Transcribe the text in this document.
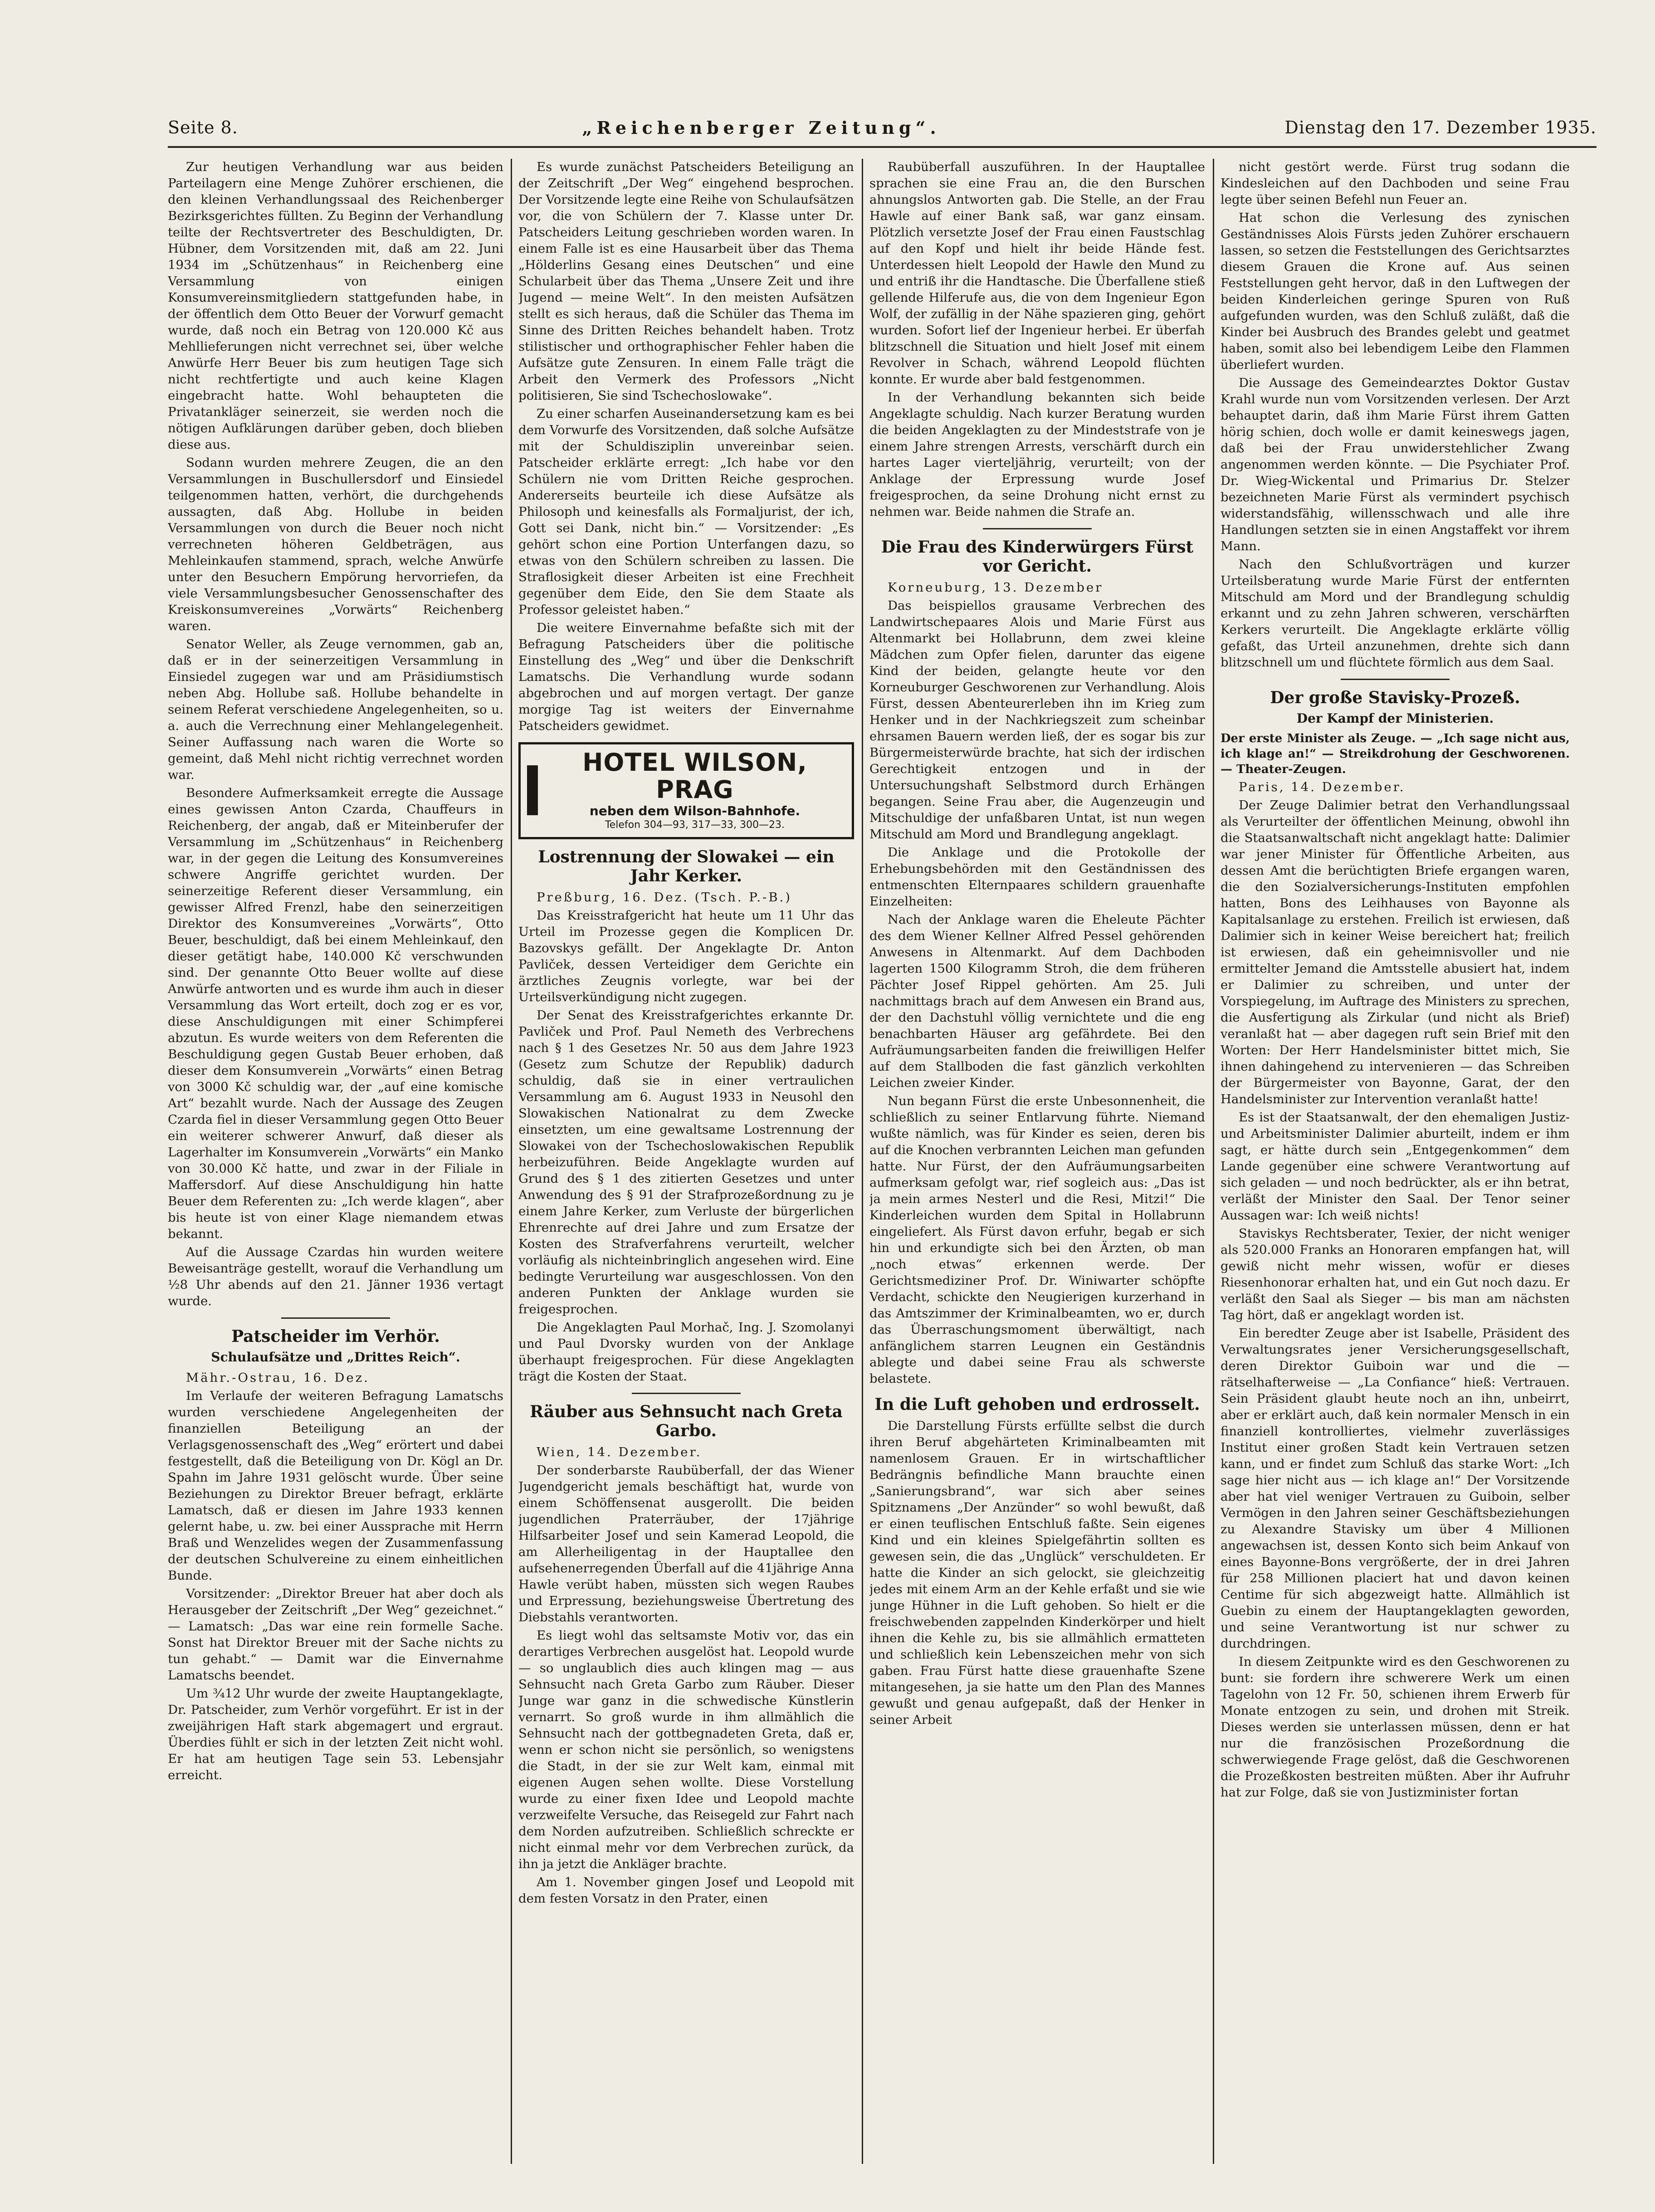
Seite 8.	„Reichenberger Zeitung“.	Dienstag den 17. Dezember 1935.

Zur heutigen Verhandlung war aus beiden Parteilagern eine Menge Zuhörer erschienen, die den kleinen Verhandlungssaal des Reichenberger Bezirksgerichtes füllten. Zu Beginn der Verhandlung teilte der Rechtsvertreter des Beschuldigten, Dr. Hübner, dem Vorsitzenden mit, daß am 22. Juni 1934 im „Schützenhaus“ in Reichenberg eine Versammlung von einigen Konsumvereinsmitgliedern stattgefunden habe, in der öffentlich dem Otto Beuer der Vorwurf gemacht wurde, daß noch ein Betrag von 120.000 Kč aus Mehllieferungen nicht verrechnet sei, über welche Anwürfe Herr Beuer bis zum heutigen Tage sich nicht rechtfertigte und auch keine Klagen eingebracht hatte. Wohl behaupteten die Privatankläger seinerzeit, sie werden noch die nötigen Aufklärungen darüber geben, doch blieben diese aus.

Sodann wurden mehrere Zeugen, die an den Versammlungen in Buschullersdorf und Einsiedel teilgenommen hatten, verhört, die durchgehends aussagten, daß Abg. Hollube in beiden Versammlungen von durch die Beuer noch nicht verrechneten höheren Geldbeträgen, aus Mehleinkaufen stammend, sprach, welche Anwürfe unter den Besuchern Empörung hervorriefen, da viele Versammlungsbesucher Genossenschafter des Kreiskonsumvereines „Vorwärts“ Reichenberg waren.

Senator Weller, als Zeuge vernommen, gab an, daß er in der seinerzeitigen Versammlung in Einsiedel zugegen war und am Präsidiumstisch neben Abg. Hollube saß. Hollube behandelte in seinem Referat verschiedene Angelegenheiten, so u. a. auch die Verrechnung einer Mehlangelegenheit. Seiner Auffassung nach waren die Worte so gemeint, daß Mehl nicht richtig verrechnet worden war.

Besondere Aufmerksamkeit erregte die Aussage eines gewissen Anton Czarda, Chauffeurs in Reichenberg, der angab, daß er Miteinberufer der Versammlung im „Schützenhaus“ in Reichenberg war, in der gegen die Leitung des Konsumvereines schwere Angriffe gerichtet wurden. Der seinerzeitige Referent dieser Versammlung, ein gewisser Alfred Frenzl, habe den seinerzeitigen Direktor des Konsumvereines „Vorwärts“, Otto Beuer, beschuldigt, daß bei einem Mehleinkauf, den dieser getätigt habe, 140.000 Kč verschwunden sind. Der genannte Otto Beuer wollte auf diese Anwürfe antworten und es wurde ihm auch in dieser Versammlung das Wort erteilt, doch zog er es vor, diese Anschuldigungen mit einer Schimpferei abzutun. Es wurde weiters von dem Referenten die Beschuldigung gegen Gustab Beuer erhoben, daß dieser dem Konsumverein „Vorwärts“ einen Betrag von 3000 Kč schuldig war, der „auf eine komische Art“ bezahlt wurde. Nach der Aussage des Zeugen Czarda fiel in dieser Versammlung gegen Otto Beuer ein weiterer schwerer Anwurf, daß dieser als Lagerhalter im Konsumverein „Vorwärts“ ein Manko von 30.000 Kč hatte, und zwar in der Filiale in Maffersdorf. Auf diese Anschuldigung hin hatte Beuer dem Referenten zu: „Ich werde klagen“, aber bis heute ist von einer Klage niemandem etwas bekannt.

Auf die Aussage Czardas hin wurden weitere Beweisanträge gestellt, worauf die Verhandlung um ½8 Uhr abends auf den 21. Jänner 1936 vertagt wurde.

Patscheider im Verhör.
Schulaufsätze und „Drittes Reich“.

Mähr.-Ostrau, 16. Dez.

Im Verlaufe der weiteren Befragung Lamatschs wurden verschiedene Angelegenheiten der finanziellen Beteiligung an der Verlagsgenossenschaft des „Weg“ erörtert und dabei festgestellt, daß die Beteiligung von Dr. Kögl an Dr. Spahn im Jahre 1931 gelöscht wurde. Über seine Beziehungen zu Direktor Breuer befragt, erklärte Lamatsch, daß er diesen im Jahre 1933 kennen gelernt habe, u. zw. bei einer Aussprache mit Herrn Braß und Wenzelides wegen der Zusammenfassung der deutschen Schulvereine zu einem einheitlichen Bunde.

Vorsitzender: „Direktor Breuer hat aber doch als Herausgeber der Zeitschrift „Der Weg“ gezeichnet.“ — Lamatsch: „Das war eine rein formelle Sache. Sonst hat Direktor Breuer mit der Sache nichts zu tun gehabt.“ — Damit war die Einvernahme Lamatschs beendet.

Um ¾12 Uhr wurde der zweite Hauptangeklagte, Dr. Patscheider, zum Verhör vorgeführt. Er ist in der zweijährigen Haft stark abgemagert und ergraut. Überdies fühlt er sich in der letzten Zeit nicht wohl. Er hat am heutigen Tage sein 53. Lebensjahr erreicht.

Es wurde zunächst Patscheiders Beteiligung an der Zeitschrift „Der Weg“ eingehend besprochen. Der Vorsitzende legte eine Reihe von Schulaufsätzen vor, die von Schülern der 7. Klasse unter Dr. Patscheiders Leitung geschrieben worden waren. In einem Falle ist es eine Hausarbeit über das Thema „Hölderlins Gesang eines Deutschen“ und eine Schularbeit über das Thema „Unsere Zeit und ihre Jugend — meine Welt“. In den meisten Aufsätzen stellt es sich heraus, daß die Schüler das Thema im Sinne des Dritten Reiches behandelt haben. Trotz stilistischer und orthographischer Fehler haben die Aufsätze gute Zensuren. In einem Falle trägt die Arbeit den Vermerk des Professors „Nicht politisieren, Sie sind Tschechoslowake“.

Zu einer scharfen Auseinandersetzung kam es bei dem Vorwurfe des Vorsitzenden, daß solche Aufsätze mit der Schuldisziplin unvereinbar seien. Patscheider erklärte erregt: „Ich habe vor den Schülern nie vom Dritten Reiche gesprochen. Andererseits beurteile ich diese Aufsätze als Philosoph und keinesfalls als Formaljurist, der ich, Gott sei Dank, nicht bin.“ — Vorsitzender: „Es gehört schon eine Portion Unterfangen dazu, so etwas von den Schülern schreiben zu lassen. Die Straflosigkeit dieser Arbeiten ist eine Frechheit gegenüber dem Eide, den Sie dem Staate als Professor geleistet haben.“

Die weitere Einvernahme befaßte sich mit der Befragung Patscheiders über die politische Einstellung des „Weg“ und über die Denkschrift Lamatschs. Die Verhandlung wurde sodann abgebrochen und auf morgen vertagt. Der ganze morgige Tag ist weiters der Einvernahme Patscheiders gewidmet.

HOTEL WILSON, PRAG
neben dem Wilson-Bahnhofe.
Telefon 304—93, 317—33, 300—23.
Lostrennung der Slowakei — ein Jahr Kerker.

Preßburg, 16. Dez. (Tsch. P.-B.)

Das Kreisstrafgericht hat heute um 11 Uhr das Urteil im Prozesse gegen die Komplicen Dr. Bazovskys gefällt. Der Angeklagte Dr. Anton Pavliček, dessen Verteidiger dem Gerichte ein ärztliches Zeugnis vorlegte, war bei der Urteilsverkündigung nicht zugegen.

Der Senat des Kreisstrafgerichtes erkannte Dr. Pavliček und Prof. Paul Nemeth des Verbrechens nach § 1 des Gesetzes Nr. 50 aus dem Jahre 1923 (Gesetz zum Schutze der Republik) dadurch schuldig, daß sie in einer vertraulichen Versammlung am 6. August 1933 in Neusohl den Slowakischen Nationalrat zu dem Zwecke einsetzten, um eine gewaltsame Lostrennung der Slowakei von der Tschechoslowakischen Republik herbeizuführen. Beide Angeklagte wurden auf Grund des § 1 des zitierten Gesetzes und unter Anwendung des § 91 der Strafprozeßordnung zu je einem Jahre Kerker, zum Verluste der bürgerlichen Ehrenrechte auf drei Jahre und zum Ersatze der Kosten des Strafverfahrens verurteilt, welcher vorläufig als nichteinbringlich angesehen wird. Eine bedingte Verurteilung war ausgeschlossen. Von den anderen Punkten der Anklage wurden sie freigesprochen.

Die Angeklagten Paul Morhač, Ing. J. Szomolanyi und Paul Dvorsky wurden von der Anklage überhaupt freigesprochen. Für diese Angeklagten trägt die Kosten der Staat.

Räuber aus Sehnsucht nach Greta Garbo.

Wien, 14. Dezember.

Der sonderbarste Raubüberfall, der das Wiener Jugendgericht jemals beschäftigt hat, wurde von einem Schöffensenat ausgerollt. Die beiden jugendlichen Praterräuber, der 17jährige Hilfsarbeiter Josef und sein Kamerad Leopold, die am Allerheiligentag in der Hauptallee den aufsehenerregenden Überfall auf die 41jährige Anna Hawle verübt haben, müssten sich wegen Raubes und Erpressung, beziehungsweise Übertretung des Diebstahls verantworten.

Es liegt wohl das seltsamste Motiv vor, das ein derartiges Verbrechen ausgelöst hat. Leopold wurde — so unglaublich dies auch klingen mag — aus Sehnsucht nach Greta Garbo zum Räuber. Dieser Junge war ganz in die schwedische Künstlerin vernarrt. So groß wurde in ihm allmählich die Sehnsucht nach der gottbegnadeten Greta, daß er, wenn er schon nicht sie persönlich, so wenigstens die Stadt, in der sie zur Welt kam, einmal mit eigenen Augen sehen wollte. Diese Vorstellung wurde zu einer fixen Idee und Leopold machte verzweifelte Versuche, das Reisegeld zur Fahrt nach dem Norden aufzutreiben. Schließlich schreckte er nicht einmal mehr vor dem Verbrechen zurück, da ihn ja jetzt die Ankläger brachte.

Am 1. November gingen Josef und Leopold mit dem festen Vorsatz in den Prater, einen

Raubüberfall auszuführen. In der Hauptallee sprachen sie eine Frau an, die den Burschen ahnungslos Antworten gab. Die Stelle, an der Frau Hawle auf einer Bank saß, war ganz einsam. Plötzlich versetzte Josef der Frau einen Faustschlag auf den Kopf und hielt ihr beide Hände fest. Unterdessen hielt Leopold der Hawle den Mund zu und entriß ihr die Handtasche. Die Überfallene stieß gellende Hilferufe aus, die von dem Ingenieur Egon Wolf, der zufällig in der Nähe spazieren ging, gehört wurden. Sofort lief der Ingenieur herbei. Er überfah blitzschnell die Situation und hielt Josef mit einem Revolver in Schach, während Leopold flüchten konnte. Er wurde aber bald festgenommen.

In der Verhandlung bekannten sich beide Angeklagte schuldig. Nach kurzer Beratung wurden die beiden Angeklagten zu der Mindeststrafe von je einem Jahre strengen Arrests, verschärft durch ein hartes Lager vierteljährig, verurteilt; von der Anklage der Erpressung wurde Josef freigesprochen, da seine Drohung nicht ernst zu nehmen war. Beide nahmen die Strafe an.

Die Frau des Kinderwürgers Fürst vor Gericht.

Korneuburg, 13. Dezember

Das beispiellos grausame Verbrechen des Landwirtschepaares Alois und Marie Fürst aus Altenmarkt bei Hollabrunn, dem zwei kleine Mädchen zum Opfer fielen, darunter das eigene Kind der beiden, gelangte heute vor den Korneuburger Geschworenen zur Verhandlung. Alois Fürst, dessen Abenteurerleben ihn im Krieg zum Henker und in der Nachkriegszeit zum scheinbar ehrsamen Bauern werden ließ, der es sogar bis zur Bürgermeisterwürde brachte, hat sich der irdischen Gerechtigkeit entzogen und in der Untersuchungshaft Selbstmord durch Erhängen begangen. Seine Frau aber, die Augenzeugin und Mitschuldige der unfaßbaren Untat, ist nun wegen Mitschuld am Mord und Brandlegung angeklagt.

Die Anklage und die Protokolle der Erhebungsbehörden mit den Geständnissen des entmenschten Elternpaares schildern grauenhafte Einzelheiten:

Nach der Anklage waren die Eheleute Pächter des dem Wiener Kellner Alfred Pessel gehörenden Anwesens in Altenmarkt. Auf dem Dachboden lagerten 1500 Kilogramm Stroh, die dem früheren Pächter Josef Rippel gehörten. Am 25. Juli nachmittags brach auf dem Anwesen ein Brand aus, der den Dachstuhl völlig vernichtete und die eng benachbarten Häuser arg gefährdete. Bei den Aufräumungsarbeiten fanden die freiwilligen Helfer auf dem Stallboden die fast gänzlich verkohlten Leichen zweier Kinder.

Nun begann Fürst die erste Unbesonnenheit, die schließlich zu seiner Entlarvung führte. Niemand wußte nämlich, was für Kinder es seien, deren bis auf die Knochen verbrannten Leichen man gefunden hatte. Nur Fürst, der den Aufräumungsarbeiten aufmerksam gefolgt war, rief sogleich aus: „Das ist ja mein armes Nesterl und die Resi, Mitzi!“ Die Kinderleichen wurden dem Spital in Hollabrunn eingeliefert. Als Fürst davon erfuhr, begab er sich hin und erkundigte sich bei den Ärzten, ob man „noch etwas“ erkennen werde. Der Gerichtsmediziner Prof. Dr. Winiwarter schöpfte Verdacht, schickte den Neugierigen kurzerhand in das Amtszimmer der Kriminalbeamten, wo er, durch das Überraschungsmoment überwältigt, nach anfänglichem starren Leugnen ein Geständnis ablegte und dabei seine Frau als schwerste belastete.

In die Luft gehoben und erdrosselt.

Die Darstellung Fürsts erfüllte selbst die durch ihren Beruf abgehärteten Kriminalbeamten mit namenlosem Grauen. Er in wirtschaftlicher Bedrängnis befindliche Mann brauchte einen „Sanierungsbrand“, war sich aber seines Spitznamens „Der Anzünder“ so wohl bewußt, daß er einen teuflischen Entschluß faßte. Sein eigenes Kind und ein kleines Spielgefährtin sollten es gewesen sein, die das „Unglück“ verschuldeten. Er hatte die Kinder an sich gelockt, sie gleichzeitig jedes mit einem Arm an der Kehle erfaßt und sie wie junge Hühner in die Luft gehoben. So hielt er die freischwebenden zappelnden Kinderkörper und hielt ihnen die Kehle zu, bis sie allmählich ermatteten und schließlich kein Lebenszeichen mehr von sich gaben. Frau Fürst hatte diese grauenhafte Szene mitangesehen, ja sie hatte um den Plan des Mannes gewußt und genau aufgepaßt, daß der Henker in seiner Arbeit

nicht gestört werde. Fürst trug sodann die Kindesleichen auf den Dachboden und seine Frau legte über seinen Befehl nun Feuer an.

Hat schon die Verlesung des zynischen Geständnisses Alois Fürsts jeden Zuhörer erschauern lassen, so setzen die Feststellungen des Gerichtsarztes diesem Grauen die Krone auf. Aus seinen Feststellungen geht hervor, daß in den Luftwegen der beiden Kinderleichen geringe Spuren von Ruß aufgefunden wurden, was den Schluß zuläßt, daß die Kinder bei Ausbruch des Brandes gelebt und geatmet haben, somit also bei lebendigem Leibe den Flammen überliefert wurden.

Die Aussage des Gemeindearztes Doktor Gustav Krahl wurde nun vom Vorsitzenden verlesen. Der Arzt behauptet darin, daß ihm Marie Fürst ihrem Gatten hörig schien, doch wolle er damit keineswegs jagen, daß bei der Frau unwiderstehlicher Zwang angenommen werden könnte. — Die Psychiater Prof. Dr. Wieg-Wickental und Primarius Dr. Stelzer bezeichneten Marie Fürst als vermindert psychisch widerstandsfähig, willensschwach und alle ihre Handlungen setzten sie in einen Angstaffekt vor ihrem Mann.

Nach den Schlußvorträgen und kurzer Urteilsberatung wurde Marie Fürst der entfernten Mitschuld am Mord und der Brandlegung schuldig erkannt und zu zehn Jahren schweren, verschärften Kerkers verurteilt. Die Angeklagte erklärte völlig gefaßt, das Urteil anzunehmen, drehte sich dann blitzschnell um und flüchtete förmlich aus dem Saal.

Der große Stavisky-Prozeß.
Der Kampf der Ministerien.

Der erste Minister als Zeuge. — „Ich sage nicht aus, ich klage an!“ — Streikdrohung der Geschworenen. — Theater-Zeugen.

Paris, 14. Dezember.

Der Zeuge Dalimier betrat den Verhandlungssaal als Verurteilter der öffentlichen Meinung, obwohl ihn die Staatsanwaltschaft nicht angeklagt hatte: Dalimier war jener Minister für Öffentliche Arbeiten, aus dessen Amt die berüchtigten Briefe ergangen waren, die den Sozialversicherungs-Instituten empfohlen hatten, Bons des Leihhauses von Bayonne als Kapitalsanlage zu erstehen. Freilich ist erwiesen, daß Dalimier sich in keiner Weise bereichert hat; freilich ist erwiesen, daß ein geheimnisvoller und nie ermittelter Jemand die Amtsstelle abusiert hat, indem er Dalimier zu schreiben, und unter der Vorspiegelung, im Auftrage des Ministers zu sprechen, die Ausfertigung als Zirkular (und nicht als Brief) veranlaßt hat — aber dagegen ruft sein Brief mit den Worten: Der Herr Handelsminister bittet mich, Sie ihnen dahingehend zu intervenieren — das Schreiben der Bürgermeister von Bayonne, Garat, der den Handelsminister zur Intervention veranlaßt hatte!

Es ist der Staatsanwalt, der den ehemaligen Justiz- und Arbeitsminister Dalimier aburteilt, indem er ihm sagt, er hätte durch sein „Entgegenkommen“ dem Lande gegenüber eine schwere Verantwortung auf sich geladen — und noch bedrückter, als er ihn betrat, verläßt der Minister den Saal. Der Tenor seiner Aussagen war: Ich weiß nichts!

Staviskys Rechtsberater, Texier, der nicht weniger als 520.000 Franks an Honoraren empfangen hat, will gewiß nicht mehr wissen, wofür er dieses Riesenhonorar erhalten hat, und ein Gut noch dazu. Er verläßt den Saal als Sieger — bis man am nächsten Tag hört, daß er angeklagt worden ist.

Ein beredter Zeuge aber ist Isabelle, Präsident des Verwaltungsrates jener Versicherungsgesellschaft, deren Direktor Guiboin war und die — rätselhafterweise — „La Confiance“ hieß: Vertrauen. Sein Präsident glaubt heute noch an ihn, unbeirrt, aber er erklärt auch, daß kein normaler Mensch in ein finanziell kontrolliertes, vielmehr zuverlässiges Institut einer großen Stadt kein Vertrauen setzen kann, und er findet zum Schluß das starke Wort: „Ich sage hier nicht aus — ich klage an!“ Der Vorsitzende aber hat viel weniger Vertrauen zu Guiboin, selber Vermögen in den Jahren seiner Geschäftsbeziehungen zu Alexandre Stavisky um über 4 Millionen angewachsen ist, dessen Konto sich beim Ankauf von eines Bayonne-Bons vergrößerte, der in drei Jahren für 258 Millionen placiert hat und davon keinen Centime für sich abgezweigt hatte. Allmählich ist Guebin zu einem der Hauptangeklagten geworden, und seine Verantwortung ist nur schwer zu durchdringen.

In diesem Zeitpunkte wird es den Geschworenen zu bunt: sie fordern ihre schwerere Werk um einen Tagelohn von 12 Fr. 50, schienen ihrem Erwerb für Monate entzogen zu sein, und drohen mit Streik. Dieses werden sie unterlassen müssen, denn er hat nur die französischen Prozeßordnung die schwerwiegende Frage gelöst, daß die Geschworenen die Prozeßkosten bestreiten müßten. Aber ihr Aufruhr hat zur Folge, daß sie von Justizminister fortan
